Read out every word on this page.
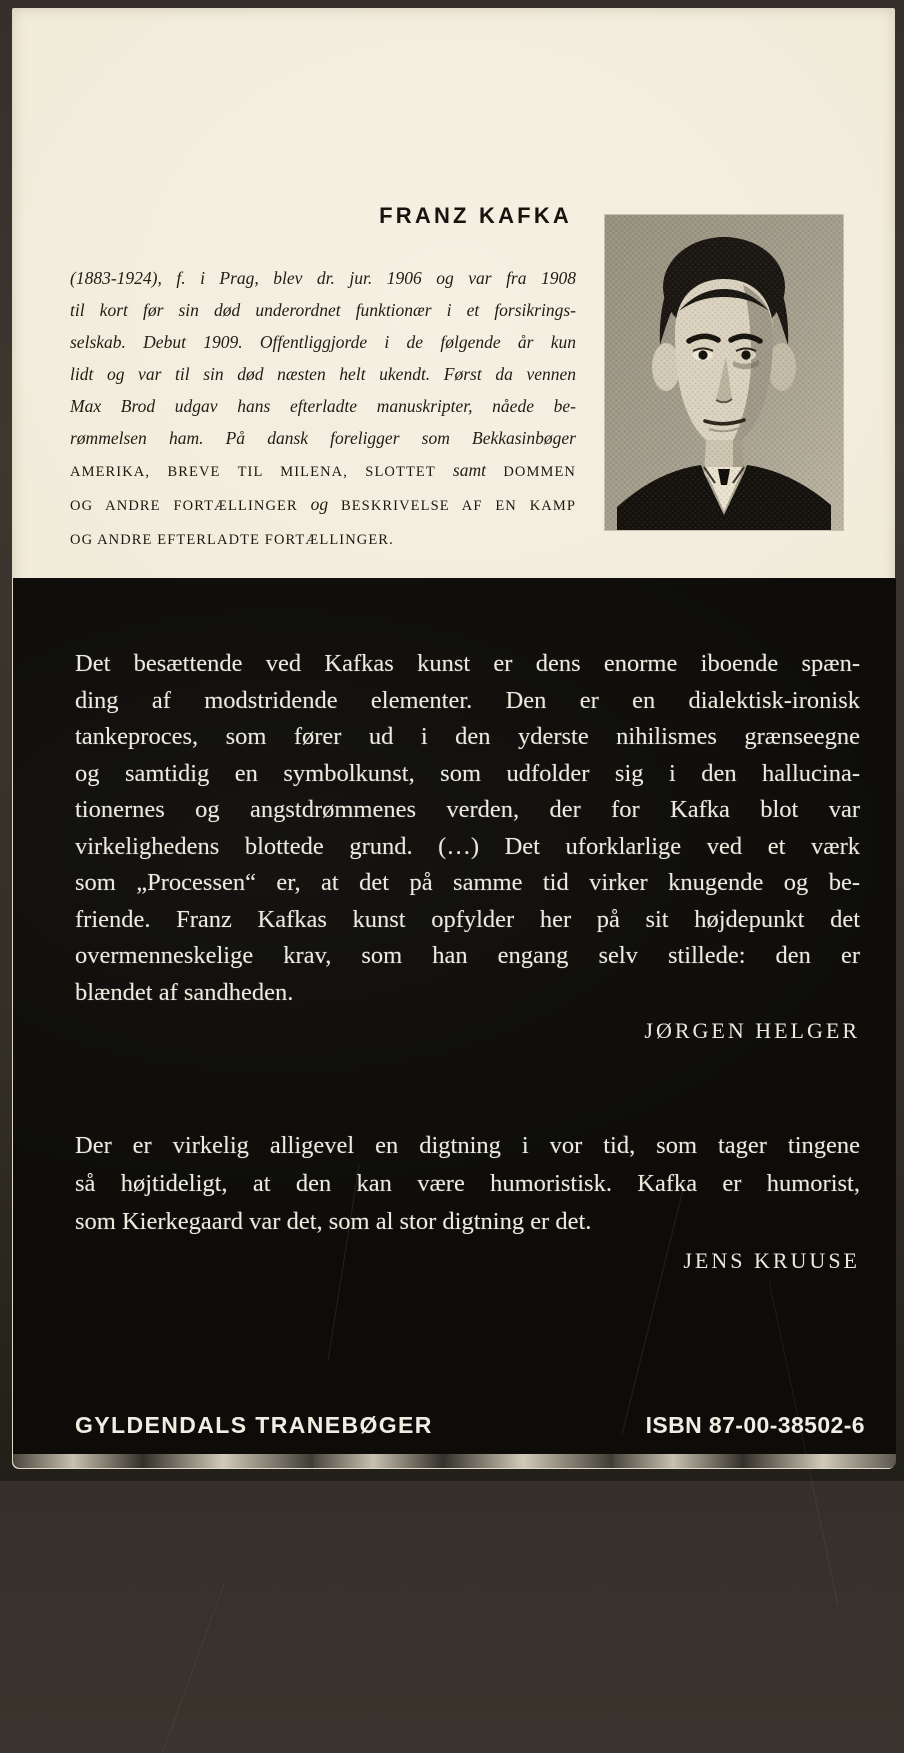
FRANZ KAFKA
(1883-1924), f. i Prag, blev dr. jur. 1906 og var fra 1908
til kort før sin død underordnet funktionær i et forsikrings-
selskab. Debut 1909. Offentliggjorde i de følgende år kun
lidt og var til sin død næsten helt ukendt. Først da vennen
Max Brod udgav hans efterladte manuskripter, nåede be-
rømmelsen ham. På dansk foreligger som Bekkasinbøger
AMERIKA, BREVE TIL MILENA, SLOTTET samt DOMMEN
OG ANDRE FORTÆLLINGER og BESKRIVELSE AF EN KAMP
OG ANDRE EFTERLADTE FORTÆLLINGER.
Det besættende ved Kafkas kunst er dens enorme iboende spæn-
ding af modstridende elementer. Den er en dialektisk-ironisk
tankeproces, som fører ud i den yderste nihilismes grænseegne
og samtidig en symbolkunst, som udfolder sig i den hallucina-
tionernes og angstdrømmenes verden, der for Kafka blot var
virkelighedens blottede grund. (…) Det uforklarlige ved et værk
som „Processen“ er, at det på samme tid virker knugende og be-
friende. Franz Kafkas kunst opfylder her på sit højdepunkt det
overmenneskelige krav, som han engang selv stillede: den er
blændet af sandheden.
JØRGEN HELGER
Der er virkelig alligevel en digtning i vor tid, som tager tingene
så højtideligt, at den kan være humoristisk. Kafka er humorist,
som Kierkegaard var det, som al stor digtning er det.
JENS KRUUSE
GYLDENDALS TRANEBØGER	ISBN 87-00-38502-6
